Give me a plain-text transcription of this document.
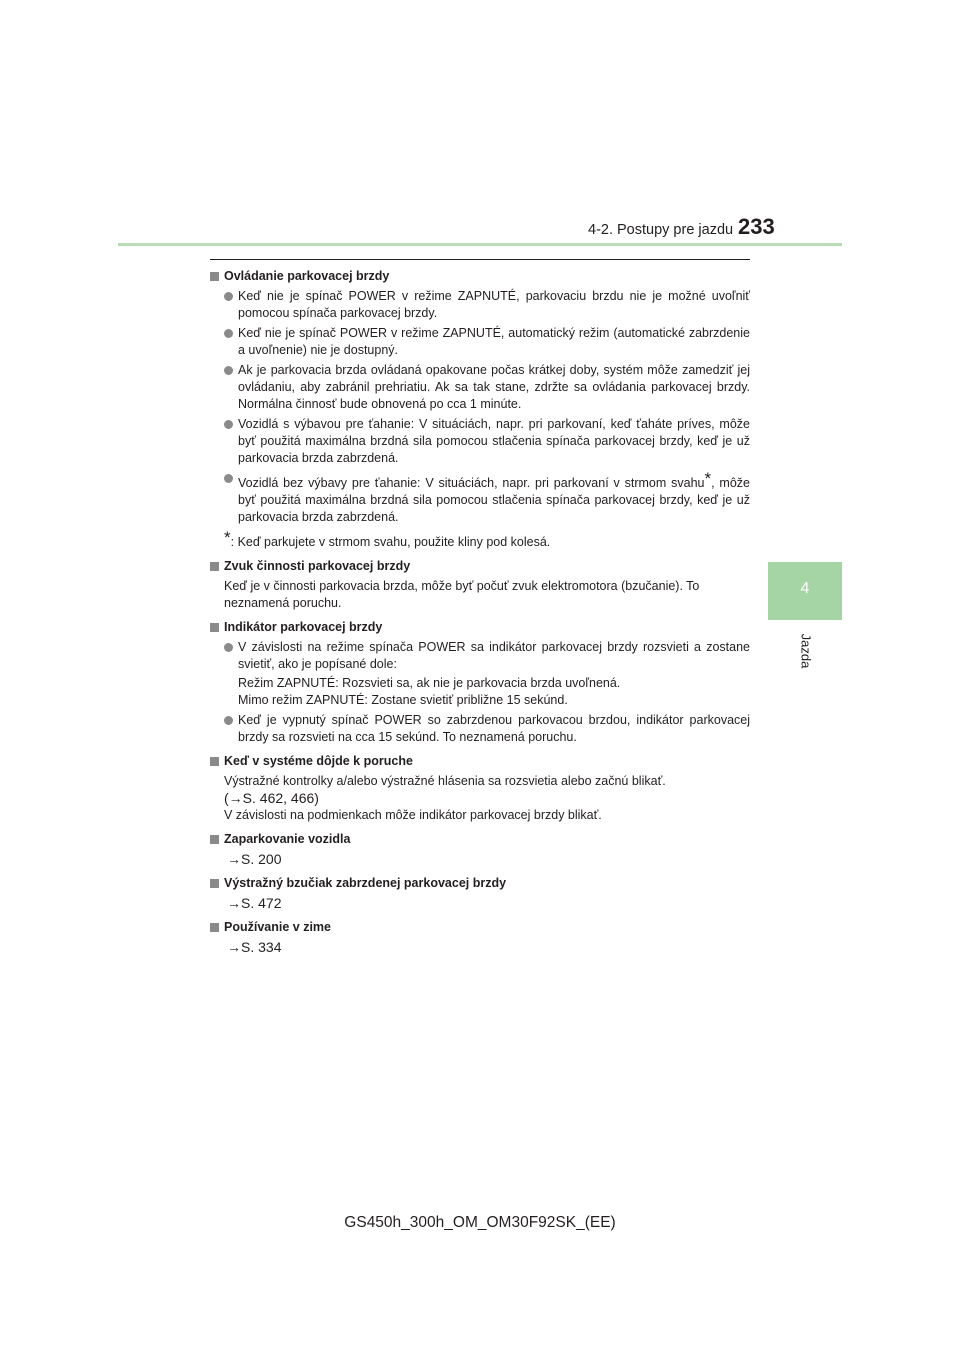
4-2. Postupy pre jazdu 233
4
Jazda
Ovládanie parkovacej brzdy
Keď nie je spínač POWER v režime ZAPNUTÉ, parkovaciu brzdu nie je možné uvoľniť pomocou spínača parkovacej brzdy.
Keď nie je spínač POWER v režime ZAPNUTÉ, automatický režim (automatické zabrzdenie a uvoľnenie) nie je dostupný.
Ak je parkovacia brzda ovládaná opakovane počas krátkej doby, systém môže zamedziť jej ovládaniu, aby zabránil prehriatiu. Ak sa tak stane, zdržte sa ovládania parkovacej brzdy. Normálna činnosť bude obnovená po cca 1 minúte.
Vozidlá s výbavou pre ťahanie: V situáciách, napr. pri parkovaní, keď ťaháte príves, môže byť použitá maximálna brzdná sila pomocou stlačenia spínača parkovacej brzdy, keď je už parkovacia brzda zabrzdená.
Vozidlá bez výbavy pre ťahanie: V situáciách, napr. pri parkovaní v strmom svahu*, môže byť použitá maximálna brzdná sila pomocou stlačenia spínača parkovacej brzdy, keď je už parkovacia brzda zabrzdená.
*: Keď parkujete v strmom svahu, použite kliny pod kolesá.
Zvuk činnosti parkovacej brzdy
Keď je v činnosti parkovacia brzda, môže byť počuť zvuk elektromotora (bzučanie). To neznamená poruchu.
Indikátor parkovacej brzdy
V závislosti na režime spínača POWER sa indikátor parkovacej brzdy rozsvieti a zostane svietiť, ako je popísané dole:
Režim ZAPNUTÉ: Rozsvieti sa, ak nie je parkovacia brzda uvoľnená.
Mimo režim ZAPNUTÉ: Zostane svietiť približne 15 sekúnd.
Keď je vypnutý spínač POWER so zabrzdenou parkovacou brzdou, indikátor parkovacej brzdy sa rozsvieti na cca 15 sekúnd. To neznamená poruchu.
Keď v systéme dôjde k poruche
Výstražné kontrolky a/alebo výstražné hlásenia sa rozsvietia alebo začnú blikať.
(→S. 462, 466)
V závislosti na podmienkach môže indikátor parkovacej brzdy blikať.
Zaparkovanie vozidla
→S. 200
Výstražný bzučiak zabrzdenej parkovacej brzdy
→S. 472
Používanie v zime
→S. 334
GS450h_300h_OM_OM30F92SK_(EE)
